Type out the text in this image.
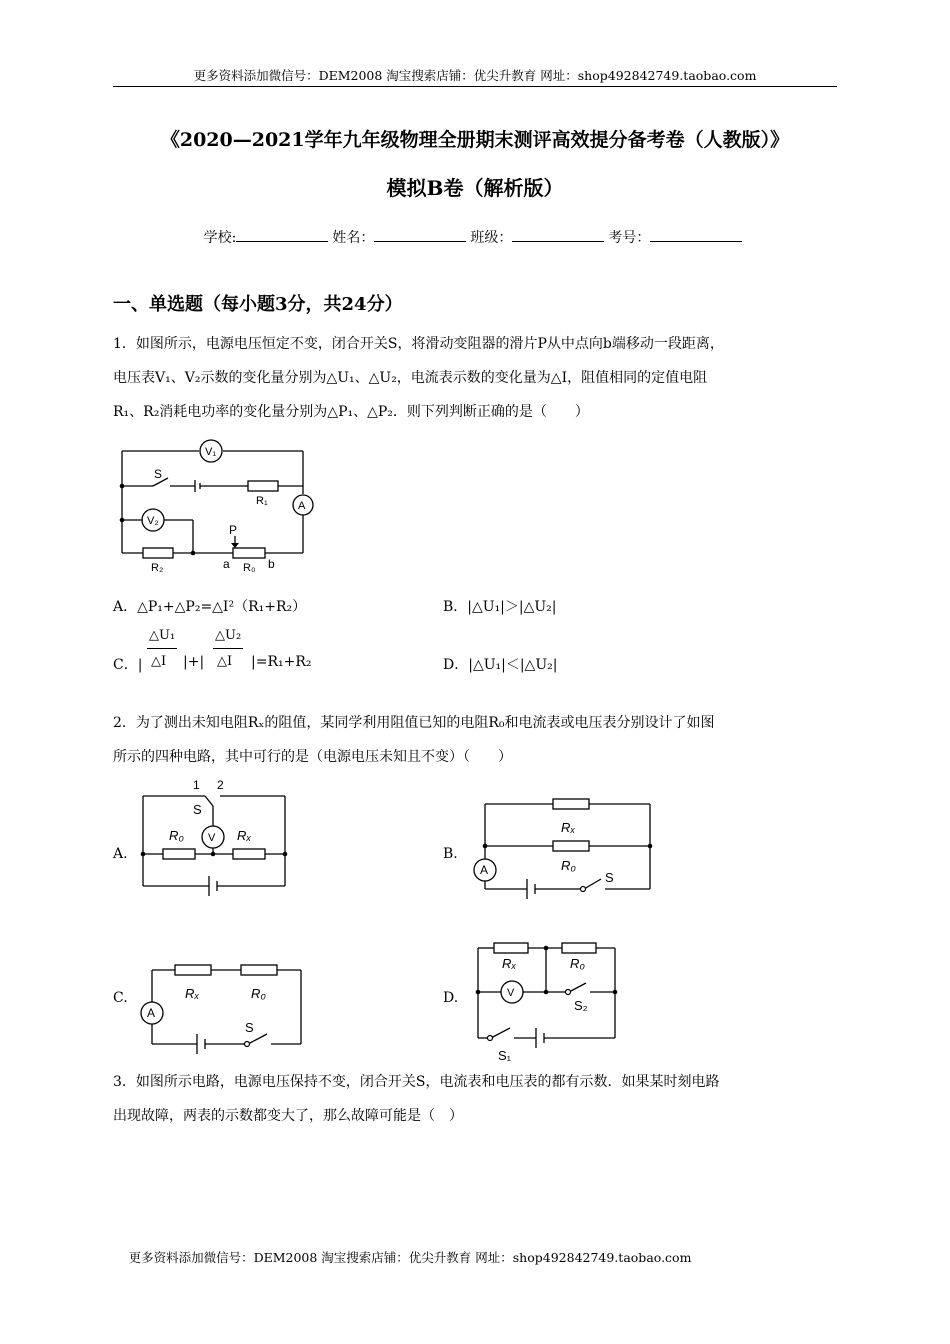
更多资料添加微信号：DEM2008 淘宝搜索店铺：优尖升教育 网址：shop492842749.taobao.com
《2020—2021学年九年级物理全册期末测评高效提分备考卷（人教版）》
模拟B卷（解析版）
学校:	姓名：	班级：	考号：
一、单选题（每小题3分，共24分）
1．如图所示，电源电压恒定不变，闭合开关S，将滑动变阻器的滑片P从中点向b端移动一段距离，
电压表V₁、V₂示数的变化量分别为△U₁、△U₂，电流表示数的变化量为△I，阻值相同的定值电阻
R₁、R₂消耗电功率的变化量分别为△P₁、△P₂．则下列判断正确的是（　　）
V₁
V₂
A
S
R₁
R₂	R₀
P
a	b
A．△P₁+△P₂=△I²（R₁+R₂）	B．|△U₁|＞|△U₂|
C．|
△U₁
△I |+|
△U₂
△I |=R₁+R₂	D．|△U₁|＜|△U₂|
2．为了测出未知电阻Rₓ的阻值，某同学利用阻值已知的电阻R₀和电流表或电压表分别设计了如图
所示的四种电路，其中可行的是（电源电压未知且不变）（　　）
A.	B.
C.	D.
1 2
S
V
R₀	Rₓ
A
Rₓ
R₀
S
A
Rₓ	R₀
S
V
Rₓ	R₀
S₂
S₁
3．如图所示电路，电源电压保持不变，闭合开关S，电流表和电压表的都有示数．如果某时刻电路
出现故障，两表的示数都变大了，那么故障可能是（　）
更多资料添加微信号：DEM2008 淘宝搜索店铺：优尖升教育 网址：shop492842749.taobao.com
